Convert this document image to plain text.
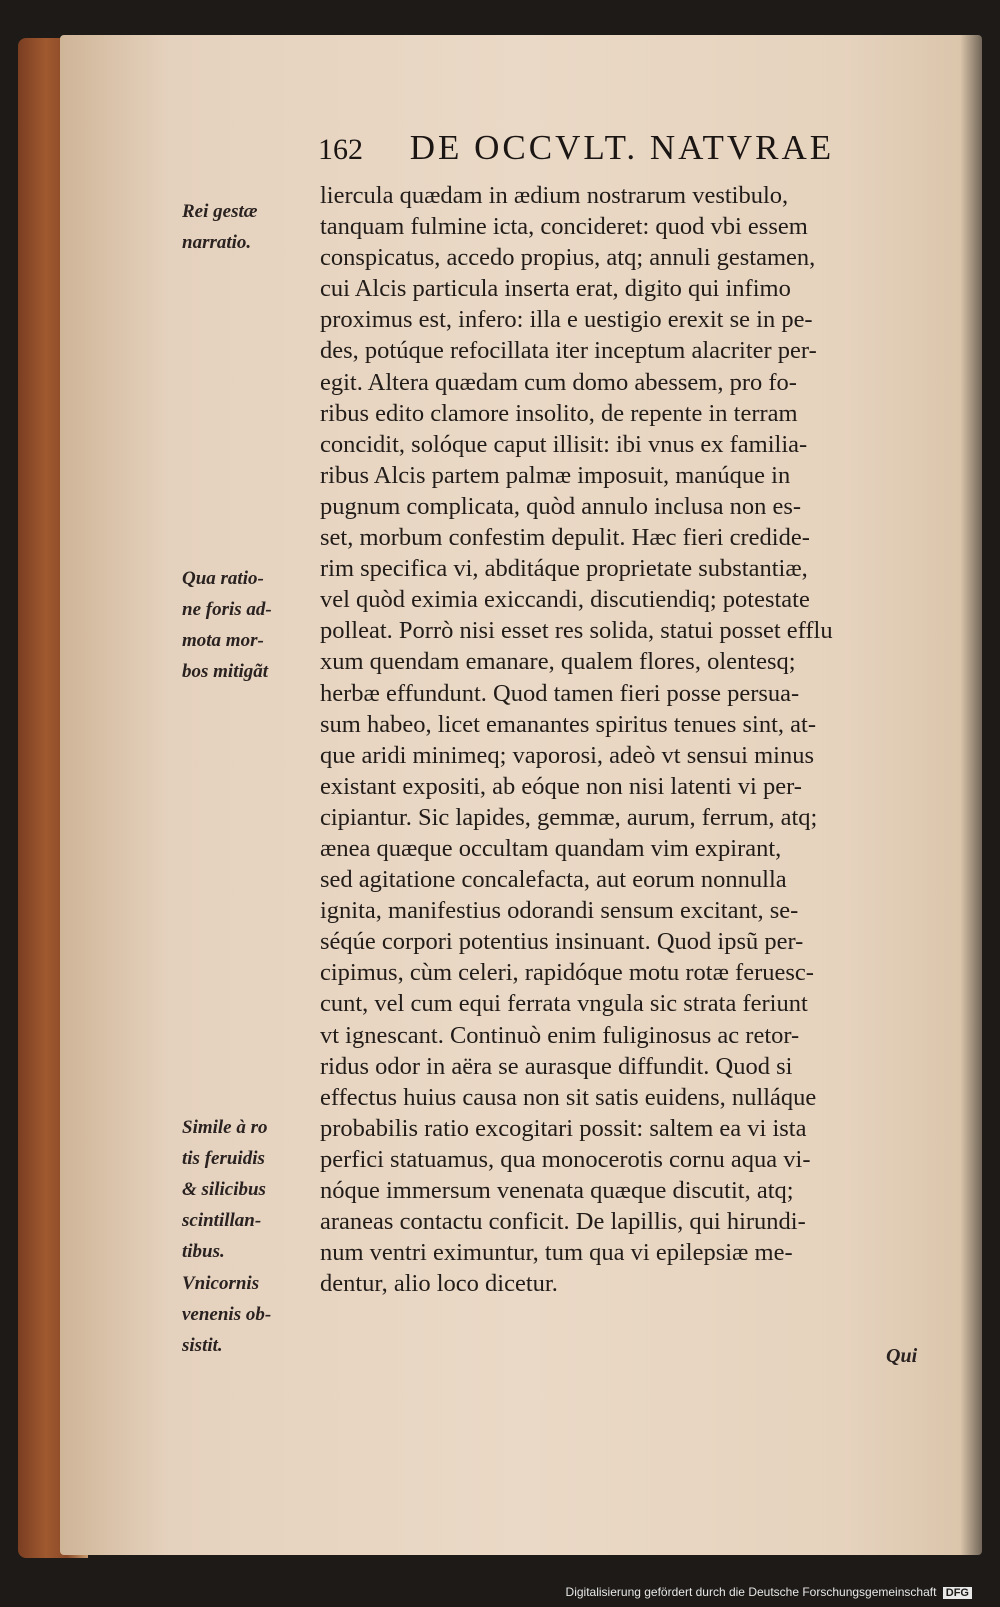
162 DE OCCVLT. NATVRAE
liercula quædam in ædium nostrarum vestibulo,
tanquam fulmine icta, concideret: quod vbi essem
conspicatus, accedo propius, atq; annuli gestamen,
cui Alcis particula inserta erat, digito qui infimo
proximus est, infero: illa e uestigio erexit se in pe-
des, potúque refocillata iter inceptum alacriter per-
egit. Altera quædam cum domo abessem, pro fo-
ribus edito clamore insolito, de repente in terram
concidit, solóque caput illisit: ibi vnus ex familia-
ribus Alcis partem palmæ imposuit, manúque in
pugnum complicata, quòd annulo inclusa non es-
set, morbum confestim depulit. Hæc fieri credide-
rim specifica vi, abditáque proprietate substantiæ,
vel quòd eximia exiccandi, discutiendiq; potestate
polleat. Porrò nisi esset res solida, statui posset efflu
xum quendam emanare, qualem flores, olentesq;
herbæ effundunt. Quod tamen fieri posse persua-
sum habeo, licet emanantes spiritus tenues sint, at-
que aridi minimeq; vaporosi, adeò vt sensui minus
existant expositi, ab eóque non nisi latenti vi per-
cipiantur. Sic lapides, gemmæ, aurum, ferrum, atq;
ænea quæque occultam quandam vim expirant,
sed agitatione concalefacta, aut eorum nonnulla
ignita, manifestius odorandi sensum excitant, se-
séqúe corpori potentius insinuant. Quod ipsũ per-
cipimus, cùm celeri, rapidóque motu rotæ feruesc-
cunt, vel cum equi ferrata vngula sic strata feriunt
vt ignescant. Continuò enim fuliginosus ac retor-
ridus odor in aëra se aurasque diffundit. Quod si
effectus huius causa non sit satis euidens, nulláque
probabilis ratio excogitari possit: saltem ea vi ista
perfici statuamus, qua monocerotis cornu aqua vi-
nóque immersum venenata quæque discutit, atq;
araneas contactu conficit. De lapillis, qui hirundi-
num ventri eximuntur, tum qua vi epilepsiæ me-
dentur, alio loco dicetur.
Rei gestæ
narratio.
Qua ratio-
ne foris ad-
mota mor-
bos mitigãt
Simile à ro
tis feruidis
& silicibus
scintillan-
tibus.
Vnicornis
venenis ob-
sistit.	Qui
Digitalisierung gefördert durch die Deutsche Forschungsgemeinschaft DFG
